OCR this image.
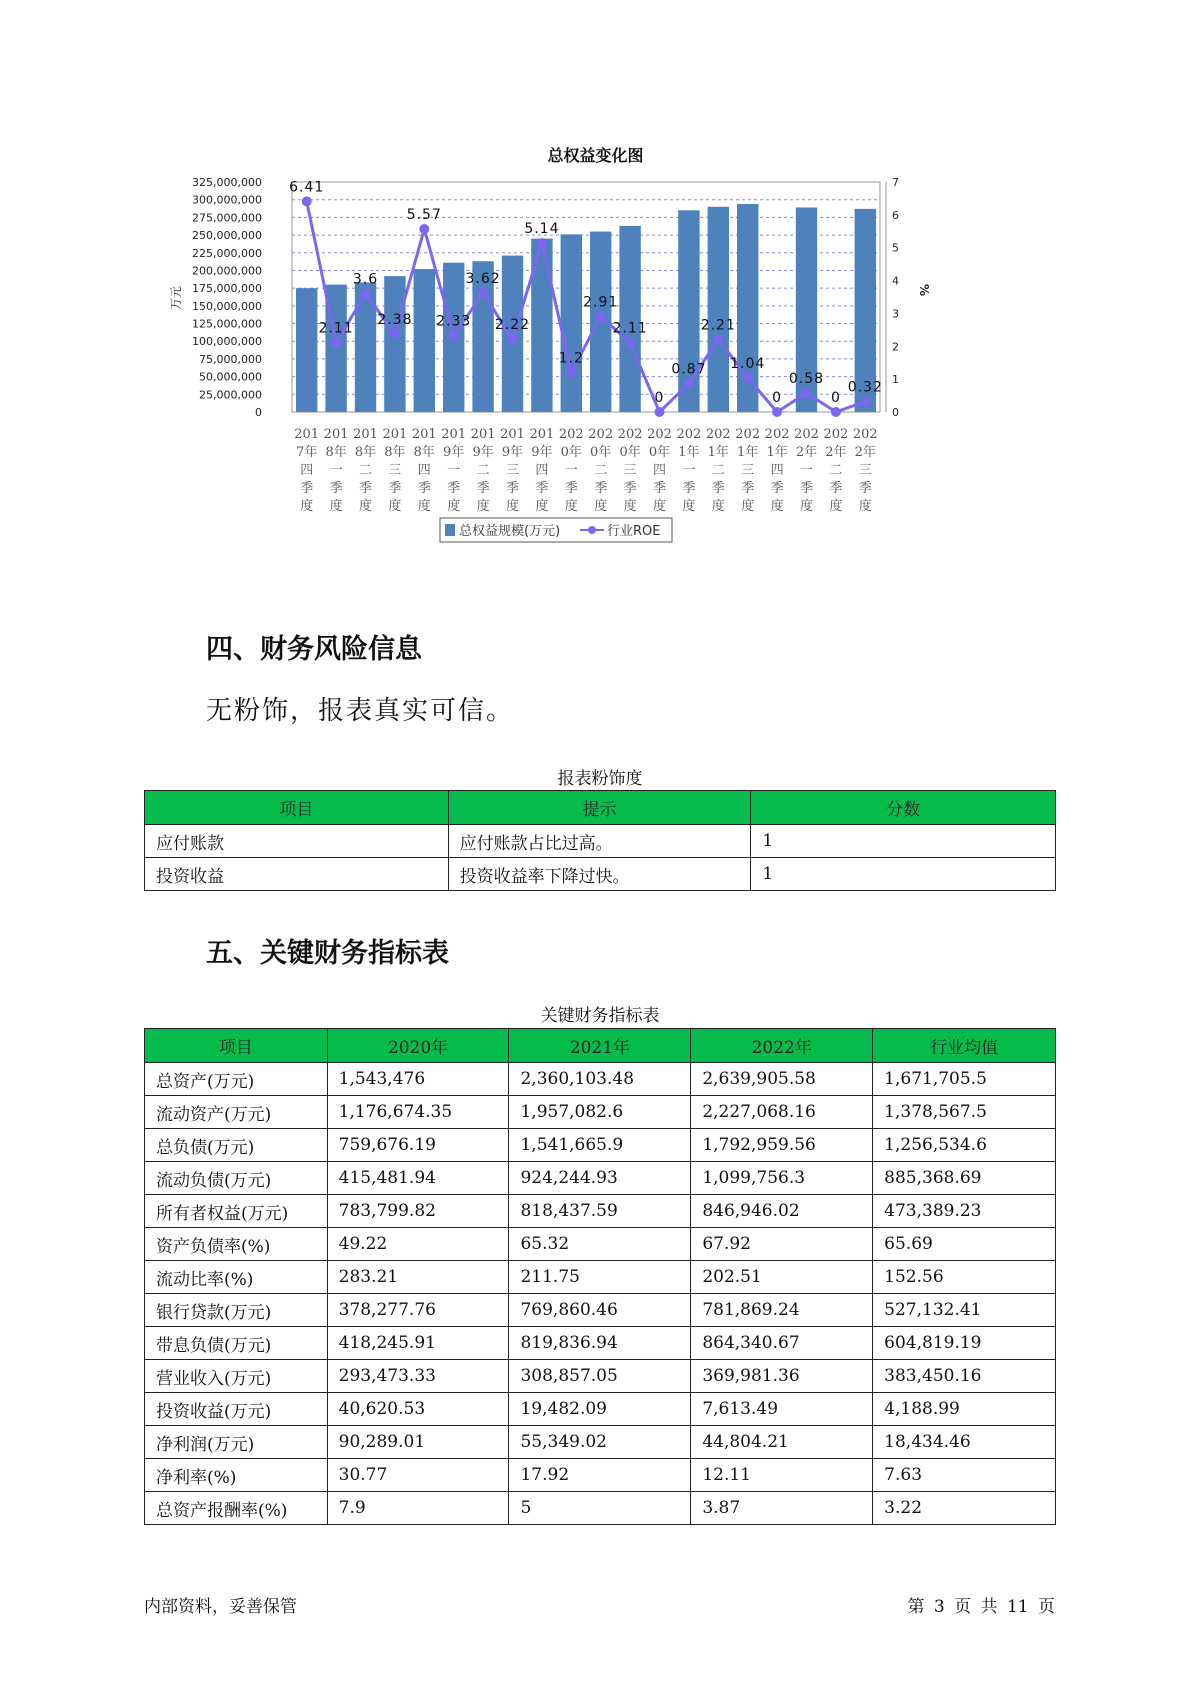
总权益变化图
0
25,000,000
50,000,000
75,000,000
100,000,000
125,000,000
150,000,000
175,000,000
200,000,000
225,000,000
250,000,000
275,000,000
300,000,000
325,000,000
0
1
2
3
4
5
6
7
万元	%
6.41
2.11
3.6
2.38
5.57
2.33
3.62
2.22
5.14
1.2
2.91
2.11
0
0.87
2.21
1.04
0
0.58
0
0.32
201 7年四季度
201 8年一季度
201 8年二季度
201 8年三季度
201 8年四季度
201 9年一季度
201 9年二季度
201 9年三季度
201 9年四季度
202 0年一季度
202 0年二季度
202 0年三季度
202 0年四季度
202 1年一季度
202 1年二季度
202 1年三季度
202 1年四季度
202 2年一季度
202 2年二季度
202 2年三季度
总权益规模(万元)	行业ROE
四、财务风险信息
无粉饰，报表真实可信。
报表粉饰度
项目	提示	分数
应付账款	应付账款占比过高。	1
投资收益	投资收益率下降过快。	1
五、关键财务指标表
关键财务指标表
项目	2020年	2021年	2022年	行业均值
总资产(万元)	1,543,476	2,360,103.48	2,639,905.58	1,671,705.5
流动资产(万元)	1,176,674.35	1,957,082.6	2,227,068.16	1,378,567.5
总负债(万元)	759,676.19	1,541,665.9	1,792,959.56	1,256,534.6
流动负债(万元)	415,481.94	924,244.93	1,099,756.3	885,368.69
所有者权益(万元)	783,799.82	818,437.59	846,946.02	473,389.23
资产负债率(%)	49.22	65.32	67.92	65.69
流动比率(%)	283.21	211.75	202.51	152.56
银行贷款(万元)	378,277.76	769,860.46	781,869.24	527,132.41
带息负债(万元)	418,245.91	819,836.94	864,340.67	604,819.19
营业收入(万元)	293,473.33	308,857.05	369,981.36	383,450.16
投资收益(万元)	40,620.53	19,482.09	7,613.49	4,188.99
净利润(万元)	90,289.01	55,349.02	44,804.21	18,434.46
净利率(%)	30.77	17.92	12.11	7.63
总资产报酬率(%)	7.9	5	3.87	3.22
内部资料，妥善保管	第 3 页 共 11 页
